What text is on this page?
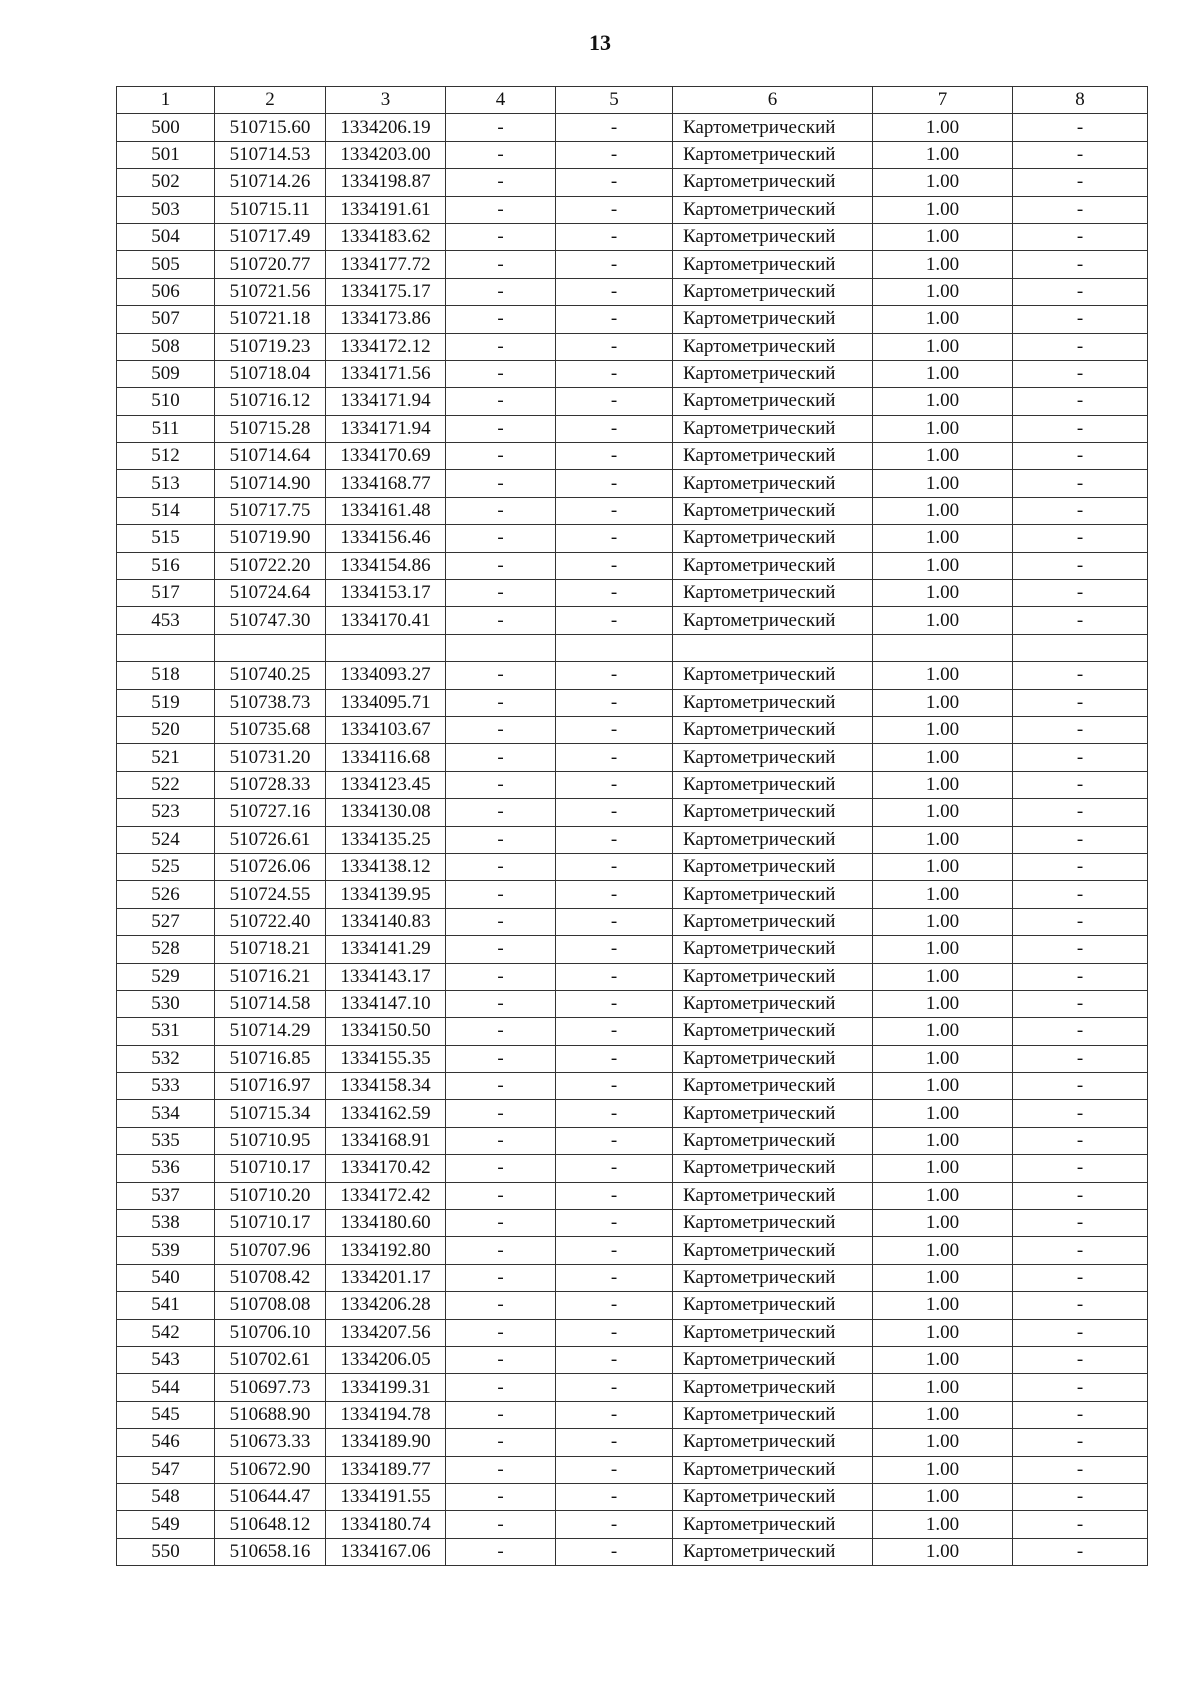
13
1	2	3	4	5	6	7	8
500	510715.60	1334206.19	-	-	Картометрический	1.00	-
501	510714.53	1334203.00	-	-	Картометрический	1.00	-
502	510714.26	1334198.87	-	-	Картометрический	1.00	-
503	510715.11	1334191.61	-	-	Картометрический	1.00	-
504	510717.49	1334183.62	-	-	Картометрический	1.00	-
505	510720.77	1334177.72	-	-	Картометрический	1.00	-
506	510721.56	1334175.17	-	-	Картометрический	1.00	-
507	510721.18	1334173.86	-	-	Картометрический	1.00	-
508	510719.23	1334172.12	-	-	Картометрический	1.00	-
509	510718.04	1334171.56	-	-	Картометрический	1.00	-
510	510716.12	1334171.94	-	-	Картометрический	1.00	-
511	510715.28	1334171.94	-	-	Картометрический	1.00	-
512	510714.64	1334170.69	-	-	Картометрический	1.00	-
513	510714.90	1334168.77	-	-	Картометрический	1.00	-
514	510717.75	1334161.48	-	-	Картометрический	1.00	-
515	510719.90	1334156.46	-	-	Картометрический	1.00	-
516	510722.20	1334154.86	-	-	Картометрический	1.00	-
517	510724.64	1334153.17	-	-	Картометрический	1.00	-
453	510747.30	1334170.41	-	-	Картометрический	1.00	-

518	510740.25	1334093.27	-	-	Картометрический	1.00	-
519	510738.73	1334095.71	-	-	Картометрический	1.00	-
520	510735.68	1334103.67	-	-	Картометрический	1.00	-
521	510731.20	1334116.68	-	-	Картометрический	1.00	-
522	510728.33	1334123.45	-	-	Картометрический	1.00	-
523	510727.16	1334130.08	-	-	Картометрический	1.00	-
524	510726.61	1334135.25	-	-	Картометрический	1.00	-
525	510726.06	1334138.12	-	-	Картометрический	1.00	-
526	510724.55	1334139.95	-	-	Картометрический	1.00	-
527	510722.40	1334140.83	-	-	Картометрический	1.00	-
528	510718.21	1334141.29	-	-	Картометрический	1.00	-
529	510716.21	1334143.17	-	-	Картометрический	1.00	-
530	510714.58	1334147.10	-	-	Картометрический	1.00	-
531	510714.29	1334150.50	-	-	Картометрический	1.00	-
532	510716.85	1334155.35	-	-	Картометрический	1.00	-
533	510716.97	1334158.34	-	-	Картометрический	1.00	-
534	510715.34	1334162.59	-	-	Картометрический	1.00	-
535	510710.95	1334168.91	-	-	Картометрический	1.00	-
536	510710.17	1334170.42	-	-	Картометрический	1.00	-
537	510710.20	1334172.42	-	-	Картометрический	1.00	-
538	510710.17	1334180.60	-	-	Картометрический	1.00	-
539	510707.96	1334192.80	-	-	Картометрический	1.00	-
540	510708.42	1334201.17	-	-	Картометрический	1.00	-
541	510708.08	1334206.28	-	-	Картометрический	1.00	-
542	510706.10	1334207.56	-	-	Картометрический	1.00	-
543	510702.61	1334206.05	-	-	Картометрический	1.00	-
544	510697.73	1334199.31	-	-	Картометрический	1.00	-
545	510688.90	1334194.78	-	-	Картометрический	1.00	-
546	510673.33	1334189.90	-	-	Картометрический	1.00	-
547	510672.90	1334189.77	-	-	Картометрический	1.00	-
548	510644.47	1334191.55	-	-	Картометрический	1.00	-
549	510648.12	1334180.74	-	-	Картометрический	1.00	-
550	510658.16	1334167.06	-	-	Картометрический	1.00	-
